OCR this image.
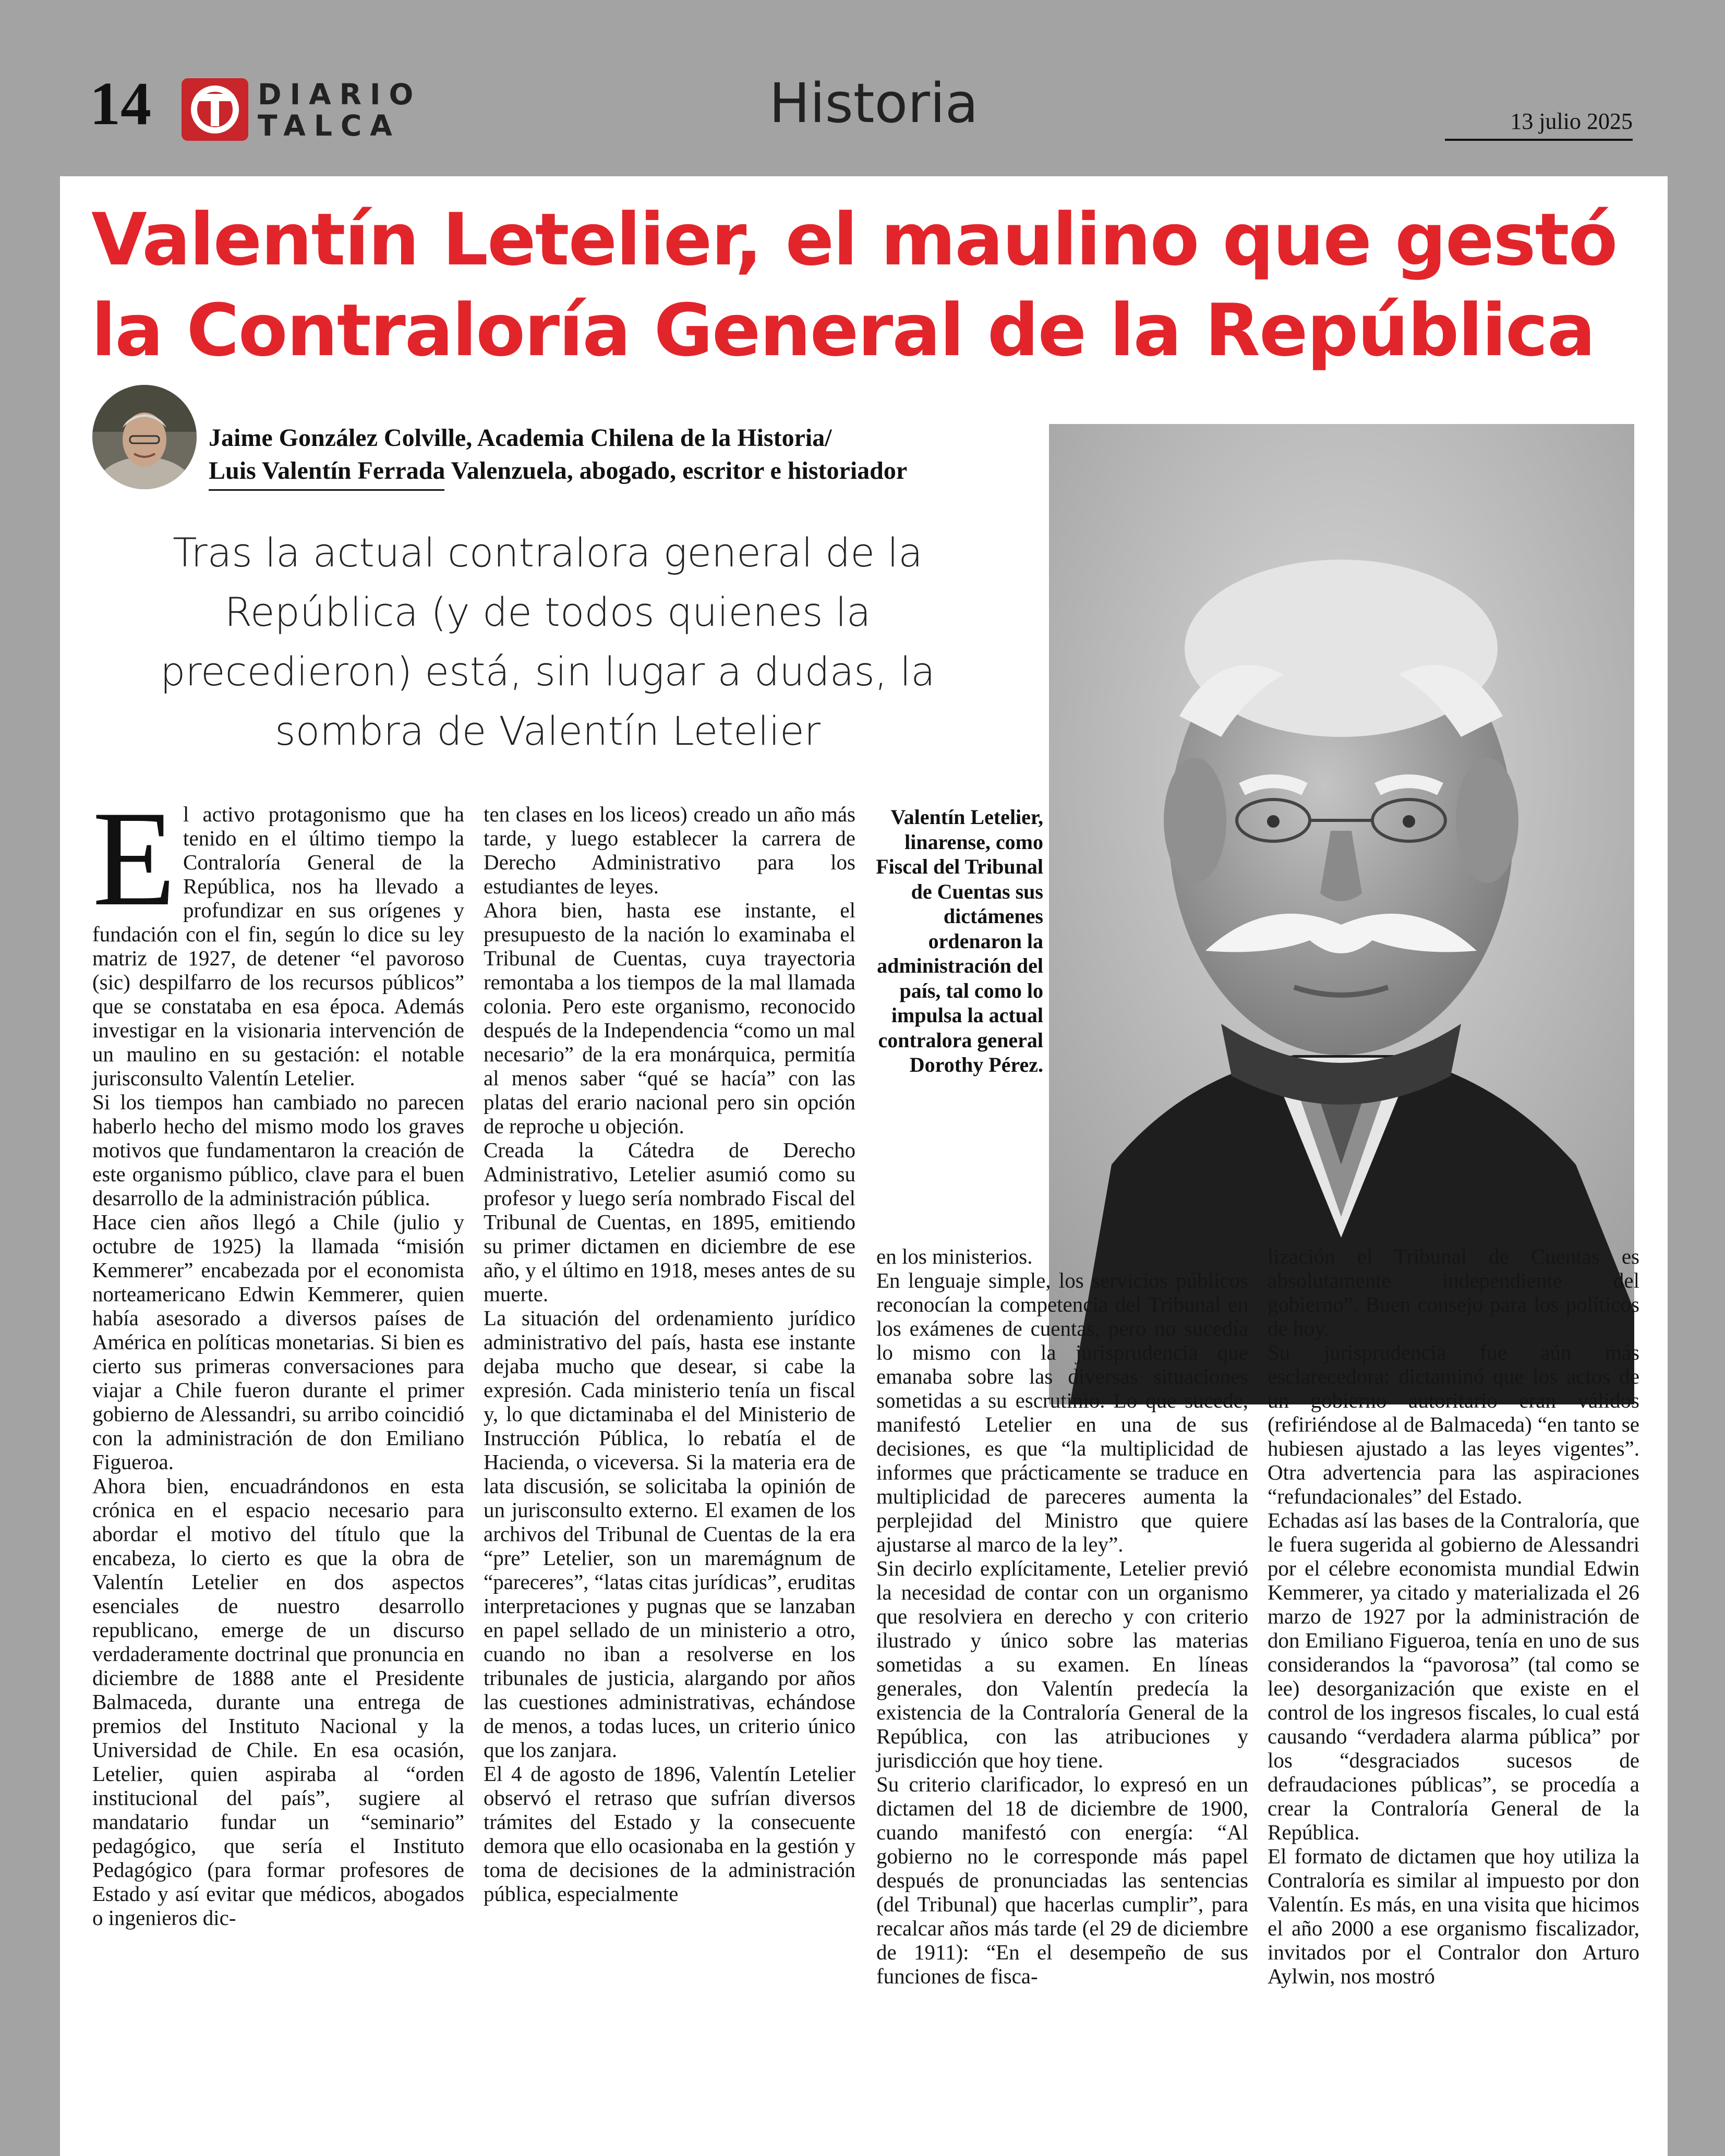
14	DIARIO
TALCA	Historia	13 julio 2025
Valentín Letelier, el maulino que gestó
la Contraloría General de la República
Jaime González Colville, Academia Chilena de la Historia/
Luis Valentín Ferrada Valenzuela, abogado, escritor e historiador
Tras la actual contralora general de la República (y de todos quienes la precedieron) está, sin lugar a dudas, la sombra de Valentín Letelier
Valentín Letelier, linarense, como Fiscal del Tribunal de Cuentas sus dictámenes ordenaron la administración del país, tal como lo impulsa la actual contralora general Dorothy Pérez.

El activo protagonismo que ha tenido en el último tiempo la Contraloría General de la República, nos ha llevado a profundizar en sus orígenes y fundación con el fin, según lo dice su ley matriz de 1927, de detener “el pavoroso (sic) despilfarro de los recursos públicos” que se constataba en esa época. Además investigar en la visionaria intervención de un maulino en su gestación: el notable jurisconsulto Valentín Letelier.

Si los tiempos han cambiado no parecen haberlo hecho del mismo modo los graves motivos que fundamentaron la creación de este organismo público, clave para el buen desarrollo de la administración pública.

Hace cien años llegó a Chile (julio y octubre de 1925) la llamada “misión Kemmerer” encabezada por el economista norteamericano Edwin Kemmerer, quien había asesorado a diversos países de América en políticas monetarias. Si bien es cierto sus primeras conversaciones para viajar a Chile fueron durante el primer gobierno de Alessandri, su arribo coincidió con la administración de don Emiliano Figueroa.

Ahora bien, encuadrándonos en esta crónica en el espacio necesario para abordar el motivo del título que la encabeza, lo cierto es que la obra de Valentín Letelier en dos aspectos esenciales de nuestro desarrollo republicano, emerge de un discurso verdaderamente doctrinal que pronuncia en diciembre de 1888 ante el Presidente Balmaceda, durante una entrega de premios del Instituto Nacional y la Universidad de Chile. En esa ocasión, Letelier, quien aspiraba al “orden institucional del país”, sugiere al mandatario fundar un “seminario” pedagógico, que sería el Instituto Pedagógico (para formar profesores de Estado y así evitar que médicos, abogados o ingenieros dic-

ten clases en los liceos) creado un año más tarde, y luego establecer la carrera de Derecho Administrativo para los estudiantes de leyes.

Ahora bien, hasta ese instante, el presupuesto de la nación lo examinaba el Tribunal de Cuentas, cuya trayectoria remontaba a los tiempos de la mal llamada colonia. Pero este organismo, reconocido después de la Independencia “como un mal necesario” de la era monárquica, permitía al menos saber “qué se hacía” con las platas del erario nacional pero sin opción de reproche u objeción.

Creada la Cátedra de Derecho Administrativo, Letelier asumió como su profesor y luego sería nombrado Fiscal del Tribunal de Cuentas, en 1895, emitiendo su primer dictamen en diciembre de ese año, y el último en 1918, meses antes de su muerte.

La situación del ordenamiento jurídico administrativo del país, hasta ese instante dejaba mucho que desear, si cabe la expresión. Cada ministerio tenía un fiscal y, lo que dictaminaba el del Ministerio de Instrucción Pública, lo rebatía el de Hacienda, o viceversa. Si la materia era de lata discusión, se solicitaba la opinión de un jurisconsulto externo. El examen de los archivos del Tribunal de Cuentas de la era “pre” Letelier, son un maremágnum de “pareceres”, “latas citas jurídicas”, eruditas interpretaciones y pugnas que se lanzaban en papel sellado de un ministerio a otro, cuando no iban a resolverse en los tribunales de justicia, alargando por años las cuestiones administrativas, echándose de menos, a todas luces, un criterio único que los zanjara.

El 4 de agosto de 1896, Valentín Letelier observó el retraso que sufrían diversos trámites del Estado y la consecuente demora que ello ocasionaba en la gestión y toma de decisiones de la administración pública, especialmente

en los ministerios.

En lenguaje simple, los servicios públicos reconocían la competencia del Tribunal en los exámenes de cuentas, pero no sucedía lo mismo con la jurisprudencia que emanaba sobre las diversas situaciones sometidas a su escrutinio. Lo que sucede, manifestó Letelier en una de sus decisiones, es que “la multiplicidad de informes que prácticamente se traduce en multiplicidad de pareceres aumenta la perplejidad del Ministro que quiere ajustarse al marco de la ley”.

Sin decirlo explícitamente, Letelier previó la necesidad de contar con un organismo que resolviera en derecho y con criterio ilustrado y único sobre las materias sometidas a su examen. En líneas generales, don Valentín predecía la existencia de la Contraloría General de la República, con las atribuciones y jurisdicción que hoy tiene.

Su criterio clarificador, lo expresó en un dictamen del 18 de diciembre de 1900, cuando manifestó con energía: “Al gobierno no le corresponde más papel después de pronunciadas las sentencias (del Tribunal) que hacerlas cumplir”, para recalcar años más tarde (el 29 de diciembre de 1911): “En el desempeño de sus funciones de fisca-

lización el Tribunal de Cuentas es absolutamente independiente del gobierno”. Buen consejo para los políticos de hoy.

Su jurisprudencia fue aún más esclarecedora: dictaminó que los actos de un gobierno autoritario eran válidos (refiriéndose al de Balmaceda) “en tanto se hubiesen ajustado a las leyes vigentes”. Otra advertencia para las aspiraciones “refundacionales” del Estado.

Echadas así las bases de la Contraloría, que le fuera sugerida al gobierno de Alessandri por el célebre economista mundial Edwin Kemmerer, ya citado y materializada el 26 marzo de 1927 por la administración de don Emiliano Figueroa, tenía en uno de sus considerandos la “pavorosa” (tal como se lee) desorganización que existe en el control de los ingresos fiscales, lo cual está causando “verdadera alarma pública” por los “desgraciados sucesos de defraudaciones públicas”, se procedía a crear la Contraloría General de la República.

El formato de dictamen que hoy utiliza la Contraloría es similar al impuesto por don Valentín. Es más, en una visita que hicimos el año 2000 a ese organismo fiscalizador, invitados por el Contralor don Arturo Aylwin, nos mostró
